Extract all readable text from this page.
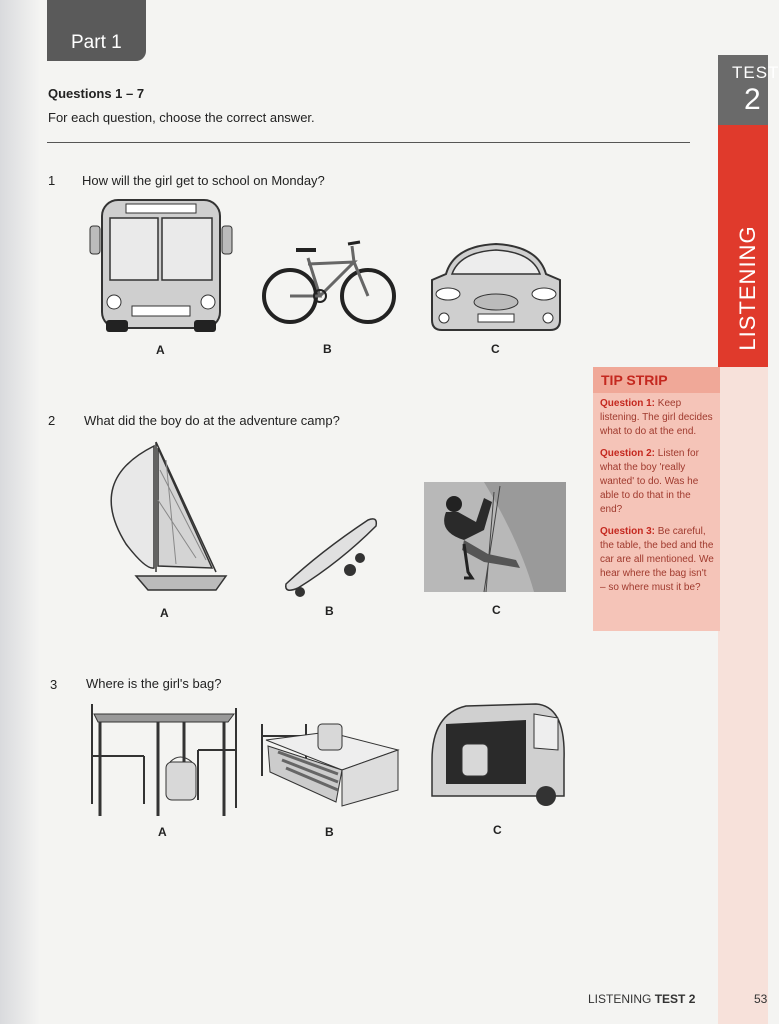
Part 1
Questions 1 – 7
For each question, choose the correct answer.
1 How will the girl get to school on Monday?
A	B	C
2 What did the boy do at the adventure camp?
A	B	C
3 Where is the girl's bag?
A	B	C
TEST
2
LISTENING
TIP STRIP

Question 1: Keep listening. The girl decides what to do at the end.

Question 2: Listen for what the boy 'really wanted' to do. Was he able to do that in the end?

Question 3: Be careful, the table, the bed and the car are all mentioned. We hear where the bag isn't – so where must it be?

LISTENING TEST 2	53
